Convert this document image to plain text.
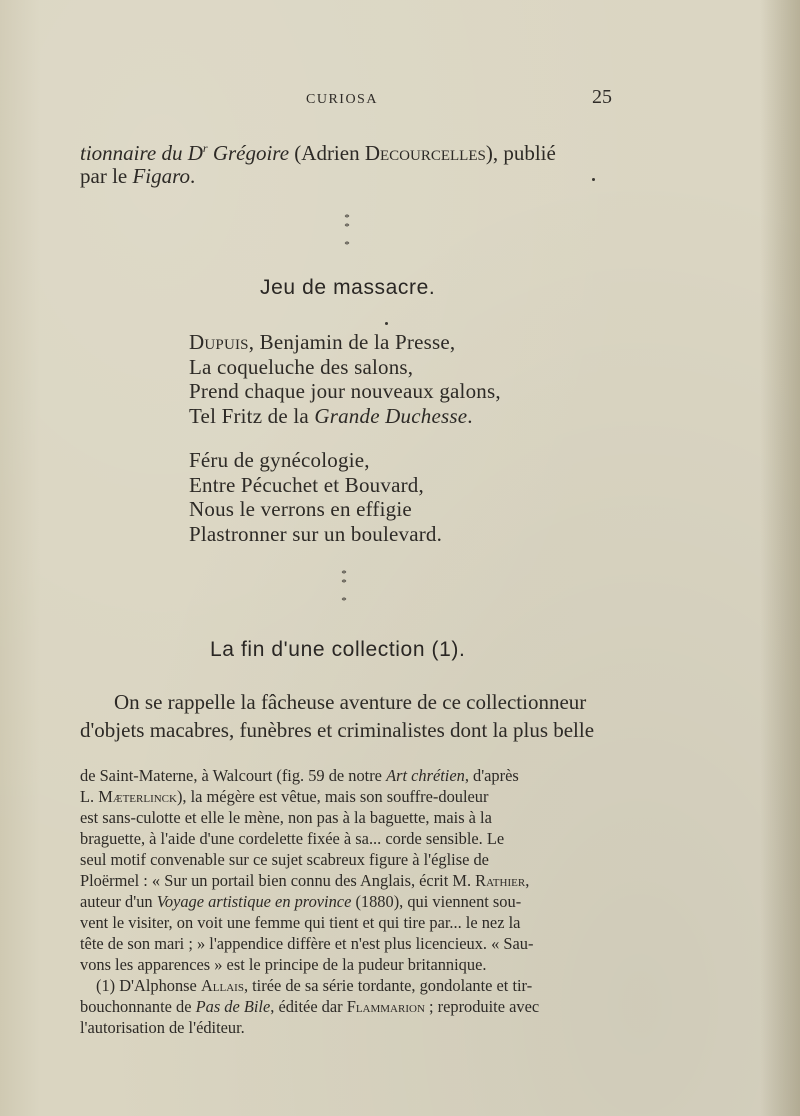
CURIOSA	25
tionnaire du $D^r$ Grégoire (Adrien Decourcelles), publié
par le Figaro.
*
*

*
Jeu de massacre.
Dupuis, Benjamin de la Presse,
La coqueluche des salons,
Prend chaque jour nouveaux galons,
Tel Fritz de la Grande Duchesse.
Féru de gynécologie,
Entre Pécuchet et Bouvard,
Nous le verrons en effigie
Plastronner sur un boulevard.
*
*

*
La fin d'une collection (1).
On se rappelle la fâcheuse aventure de ce collectionneur
d'objets macabres, funèbres et criminalistes dont la plus belle
de Saint-Materne, à Walcourt (fig. 59 de notre Art chrétien, d'après
L. Mæterlinck), la mégère est vêtue, mais son souffre-douleur
est sans-culotte et elle le mène, non pas à la baguette, mais à la
braguette, à l'aide d'une cordelette fixée à sa... corde sensible. Le
seul motif convenable sur ce sujet scabreux figure à l'église de
Ploërmel : « Sur un portail bien connu des Anglais, écrit M. Rathier,
auteur d'un Voyage artistique en province (1880), qui viennent sou-
vent le visiter, on voit une femme qui tient et qui tire par... le nez la
tête de son mari ; » l'appendice diffère et n'est plus licencieux. « Sau-
vons les apparences » est le principe de la pudeur britannique.
(1) D'Alphonse Allais, tirée de sa série tordante, gondolante et tir-
bouchonnante de Pas de Bile, éditée dar Flammarion ; reproduite avec
l'autorisation de l'éditeur.
